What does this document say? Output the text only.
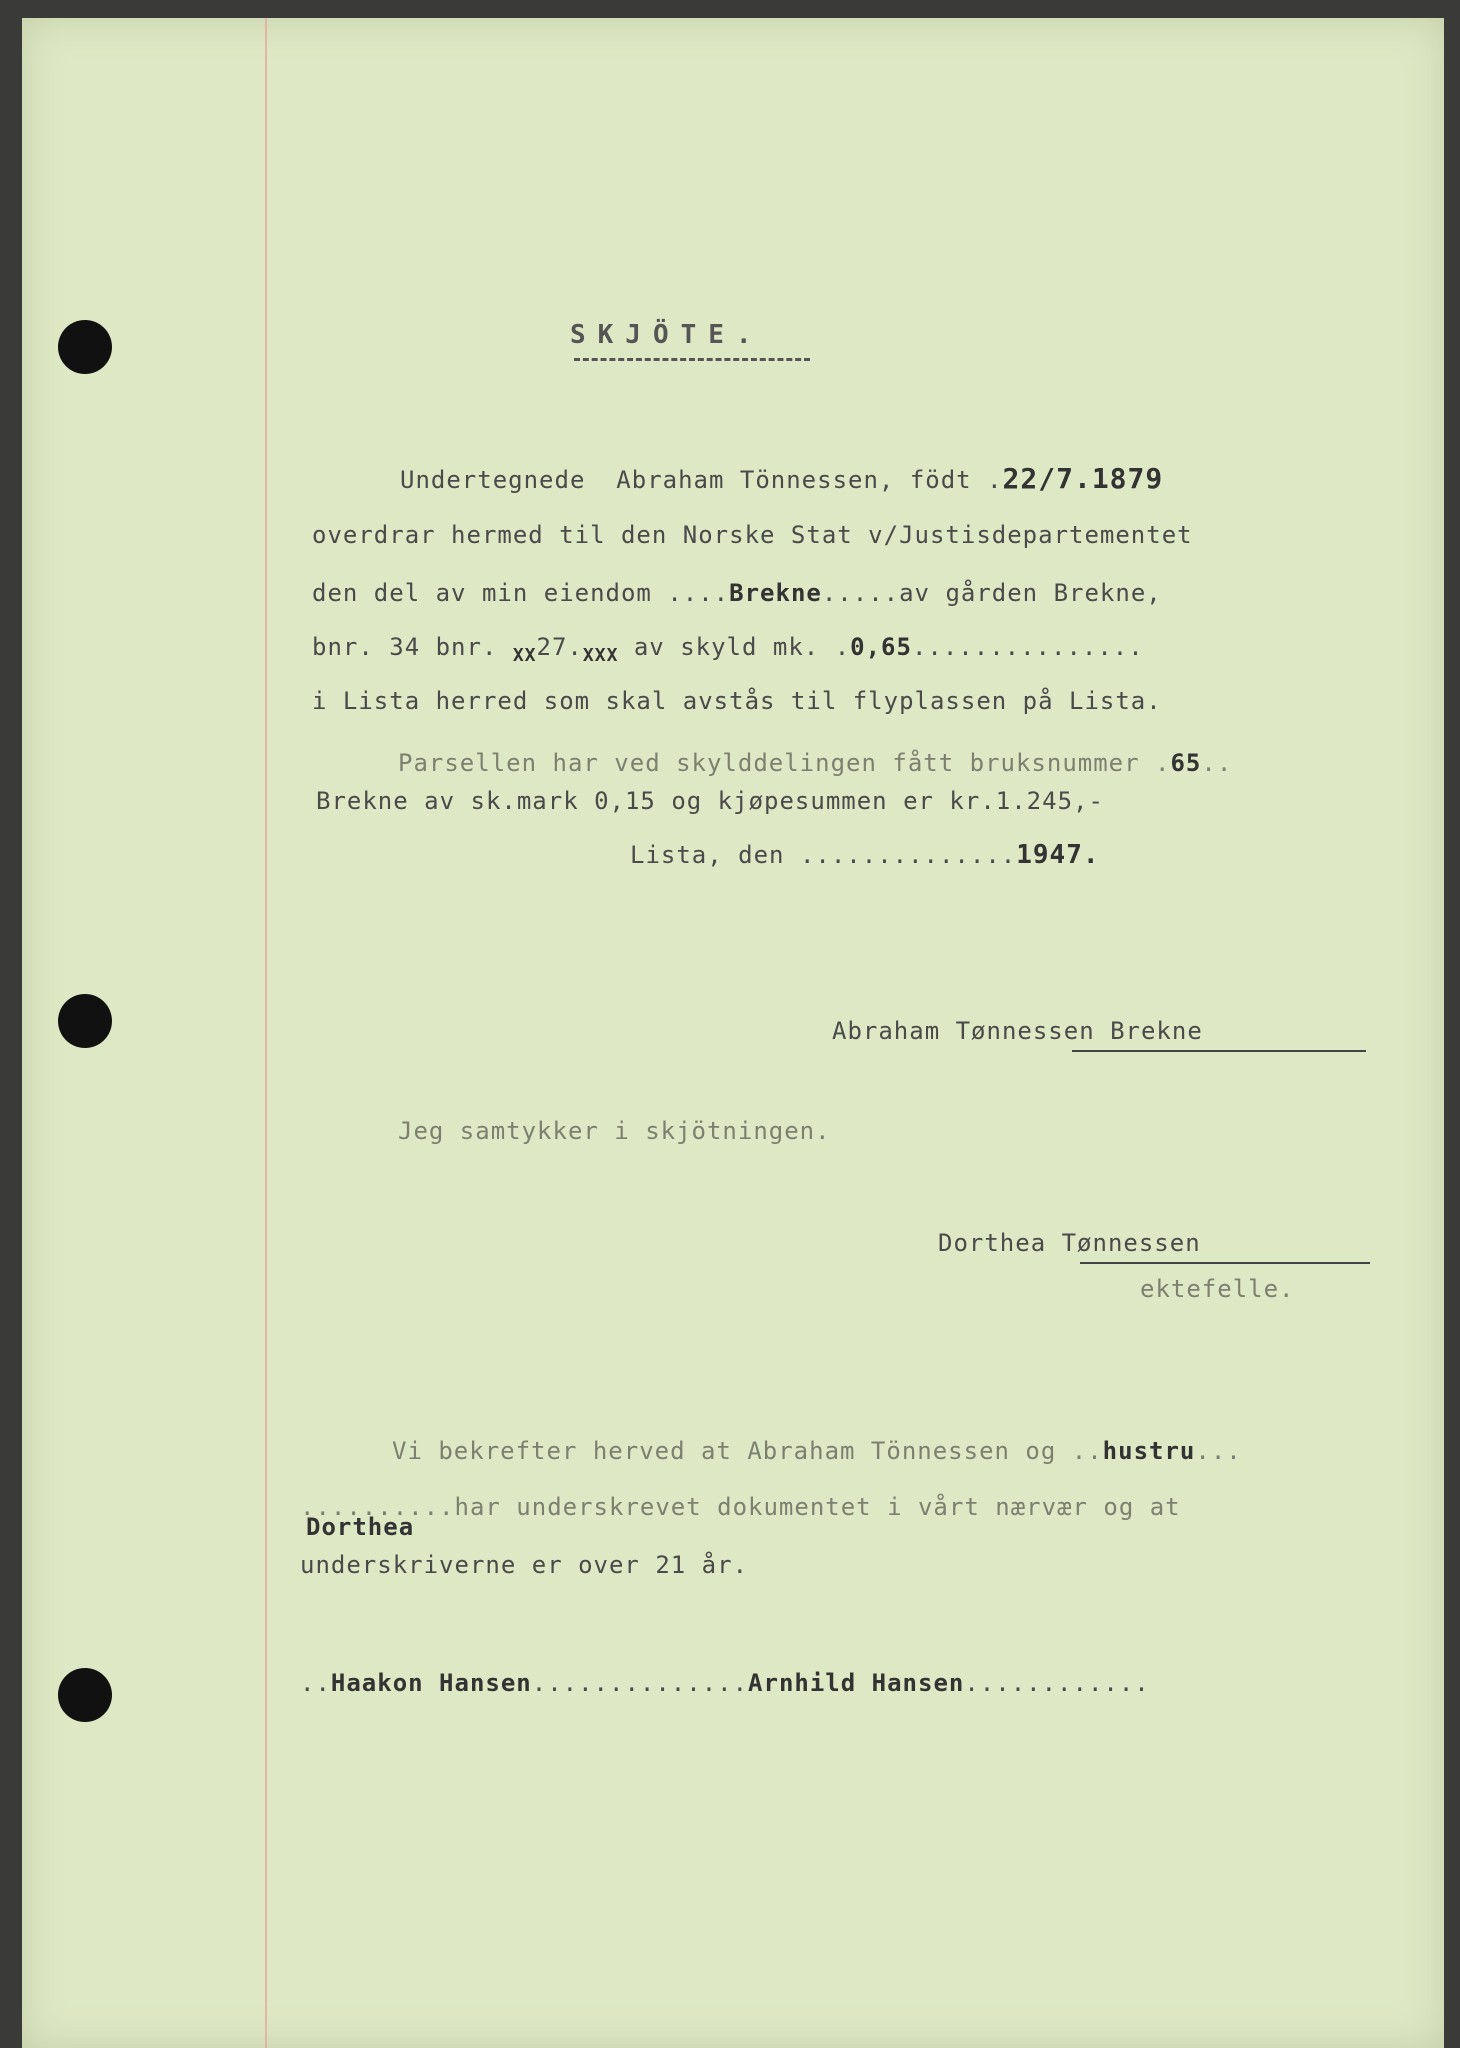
SKJÖTE.
Undertegnede  Abraham Tönnessen, födt .22/7.1879
overdrar hermed til den Norske Stat v/Justisdepartementet
den del av min eiendom ....Brekne.....av gården Brekne,
bnr. 34 bnr. $_{XX}27._{XXX}$ av skyld mk. .0,65...............
i Lista herred som skal avstås til flyplassen på Lista.
Parsellen har ved skylddelingen fått bruksnummer .65..
Brekne av sk.mark 0,15 og kjøpesummen er kr.1.245,-
Lista, den ..............1947.
Abraham Tønnessen Brekne
Jeg samtykker i skjötningen.
Dorthea Tønnessen
ektefelle.
Vi bekrefter herved at Abraham Tönnessen og ..hustru...
..........har underskrevet dokumentet i vårt nærvær og at
Dorthea
underskriverne er over 21 år.
..Haakon Hansen..............Arnhild Hansen............
